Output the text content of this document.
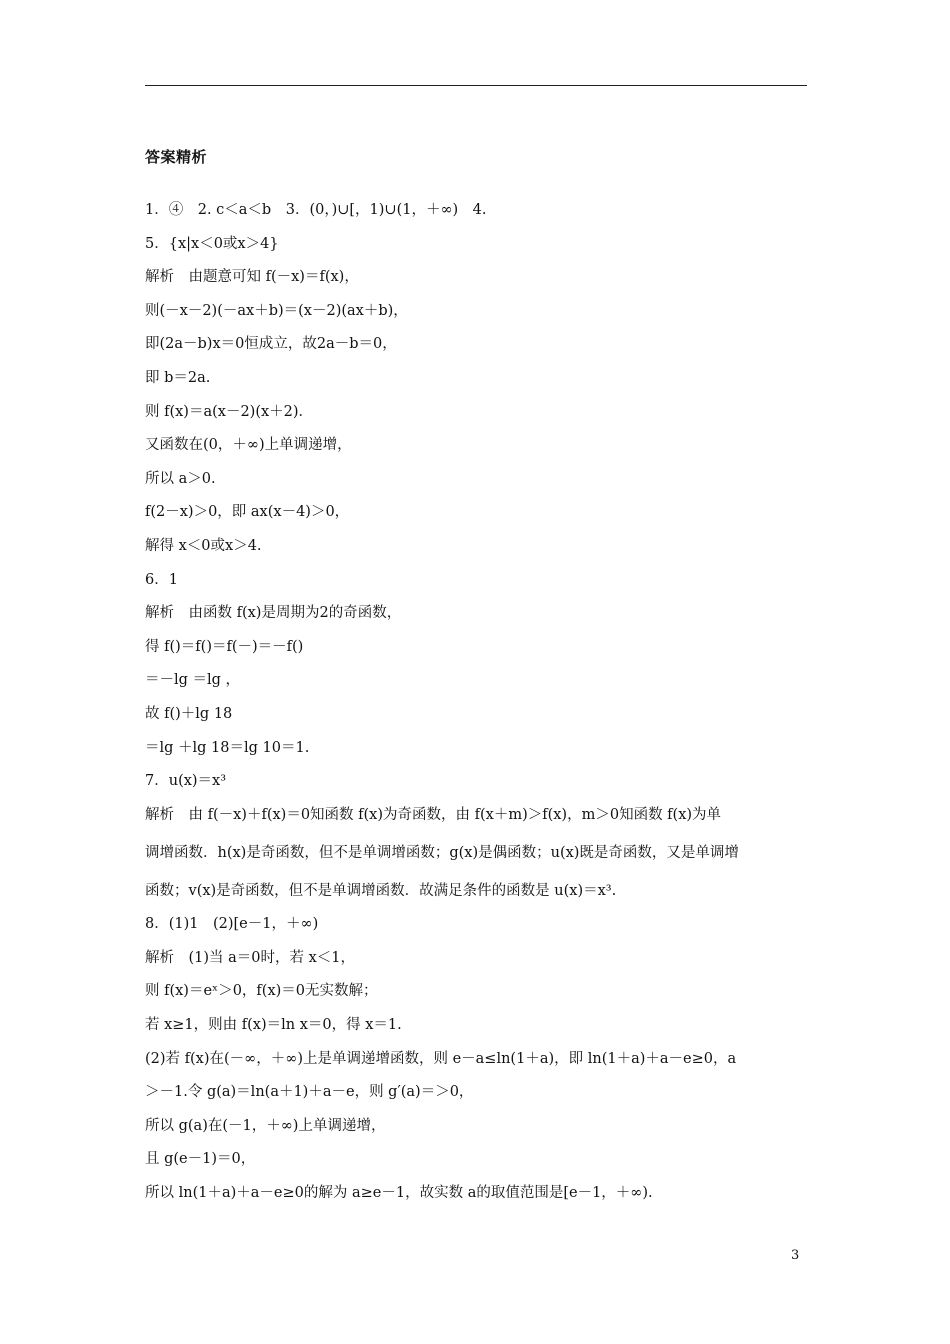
答案精析
1．④　2. c＜a＜b　3．(0，)∪[，1)∪(1，＋∞)　4.
5．{x|x＜0或x＞4}
解析　由题意可知 f(－x)＝f(x)，
则(－x－2)(－ax＋b)＝(x－2)(ax＋b)，
即(2a－b)x＝0恒成立，故2a－b＝0，
即 b＝2a.
则 f(x)＝a(x－2)(x＋2)．
又函数在(0，＋∞)上单调递增，
所以 a＞0.
f(2－x)＞0，即 ax(x－4)＞0，
解得 x＜0或x＞4.
6．1
解析　由函数 f(x)是周期为2的奇函数，
得 f()＝f()＝f(－)＝－f()
＝－lg ＝lg ，
故 f()＋lg 18
＝lg ＋lg 18＝lg 10＝1.
7．u(x)＝x³
解析　由 f(－x)＋f(x)＝0知函数 f(x)为奇函数，由 f(x＋m)＞f(x)，m＞0知函数 f(x)为单
调增函数．h(x)是奇函数，但不是单调增函数；g(x)是偶函数；u(x)既是奇函数，又是单调增
函数；v(x)是奇函数，但不是单调增函数．故满足条件的函数是 u(x)＝x³.
8．(1)1　(2)[e－1，＋∞)
解析　(1)当 a＝0时，若 x＜1，
则 f(x)＝eˣ＞0，f(x)＝0无实数解；
若 x≥1，则由 f(x)＝ln x＝0，得 x＝1.
(2)若 f(x)在(－∞，＋∞)上是单调递增函数，则 e－a≤ln(1＋a)，即 ln(1＋a)＋a－e≥0，a
＞－1.令 g(a)＝ln(a＋1)＋a－e，则 g′(a)＝＞0，
所以 g(a)在(－1，＋∞)上单调递增，
且 g(e－1)＝0，
所以 ln(1＋a)＋a－e≥0的解为 a≥e－1，故实数 a的取值范围是[e－1，＋∞).
3
